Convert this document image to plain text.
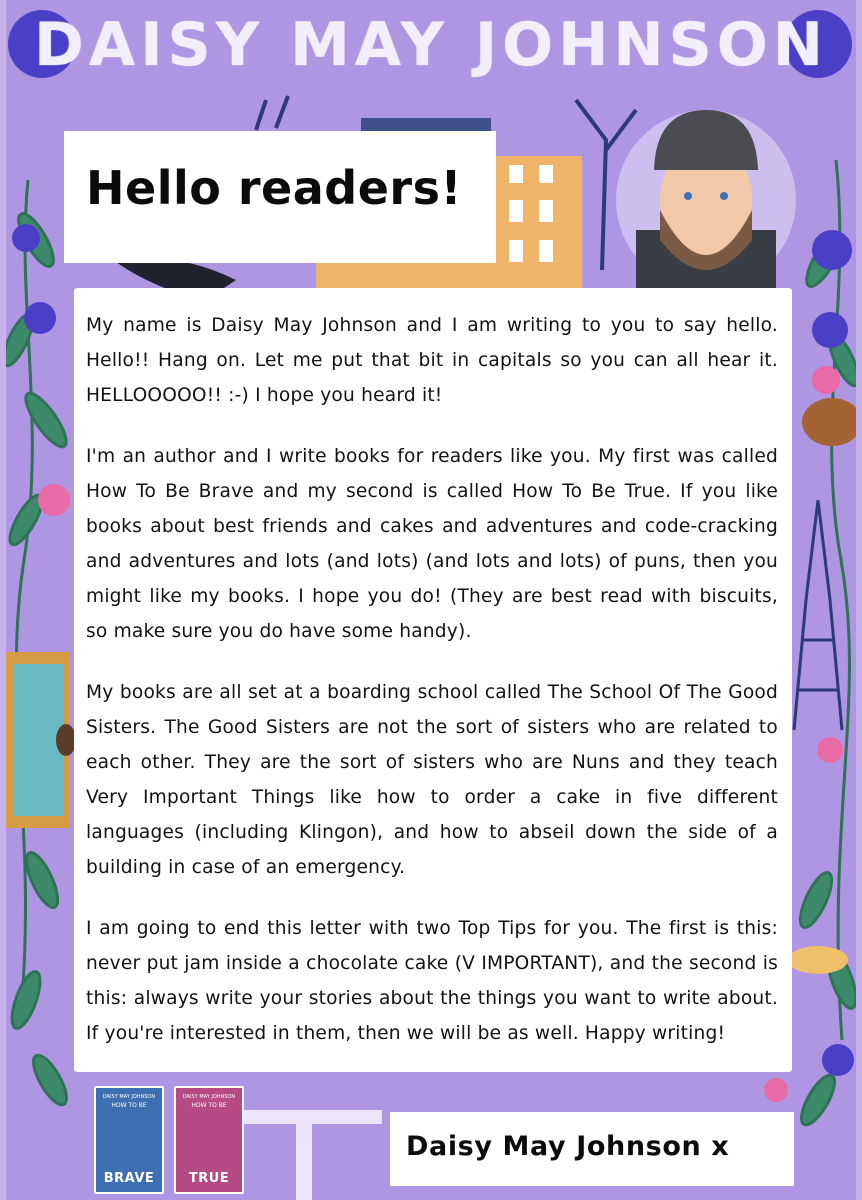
DAISY MAY JOHNSON
Hello readers!

My name is Daisy May Johnson and I am writing to you to say hello. Hello!! Hang on. Let me put that bit in capitals so you can all hear it. HELLOOOOO!! :-) I hope you heard it!

I'm an author and I write books for readers like you. My first was called How To Be Brave and my second is called How To Be True. If you like books about best friends and cakes and adventures and code-cracking and adventures and lots (and lots) (and lots and lots) of puns, then you might like my books. I hope you do! (They are best read with biscuits, so make sure you do have some handy).

My books are all set at a boarding school called The School Of The Good Sisters. The Good Sisters are not the sort of sisters who are related to each other. They are the sort of sisters who are Nuns and they teach Very Important Things like how to order a cake in five different languages (including Klingon), and how to abseil down the side of a building in case of an emergency.

I am going to end this letter with two Top Tips for you. The first is this: never put jam inside a chocolate cake (V IMPORTANT), and the second is this: always write your stories about the things you want to write about. If you're interested in them, then we will be as well. Happy writing!

DAISY MAY JOHNSON
HOW TO BE
BRAVE
DAISY MAY JOHNSON
HOW TO BE
TRUE
Daisy May Johnson x
